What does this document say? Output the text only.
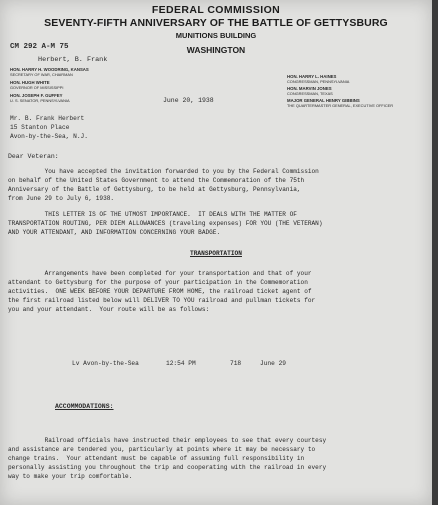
FEDERAL COMMISSION
SEVENTY-FIFTH ANNIVERSARY OF THE BATTLE OF GETTYSBURG
MUNITIONS BUILDING
WASHINGTON
CM 292 A-M 75
Herbert, B. Frank
HON. HARRY H. WOODRING, KANSAS
SECRETARY OF WAR, CHAIRMAN
HON. HUGH WHITE
GOVERNOR OF MISSISSIPPI
HON. JOSEPH F. GUFFEY
U. S. SENATOR, PENNSYLVANIA
HON. HARRY L. HAINES
CONGRESSMAN, PENNSYLVANIA
HON. MARVIN JONES
CONGRESSMAN, TEXAS
MAJOR GENERAL HENRY GIBBINS
THE QUARTERMASTER GENERAL, EXECUTIVE OFFICER
June 20, 1938
Mr. B. Frank Herbert
15 Stanton Place
Avon-by-the-Sea, N.J.
Dear Veteran:
You have accepted the invitation forwarded to you by the Federal Commission
on behalf of the United States Government to attend the Commemoration of the 75th
Anniversary of the Battle of Gettysburg, to be held at Gettysburg, Pennsylvania,
from June 29 to July 6, 1938.
THIS LETTER IS OF THE UTMOST IMPORTANCE.  IT DEALS WITH THE MATTER OF
TRANSPORTATION ROUTING, PER DIEM ALLOWANCES (traveling expenses) FOR YOU (THE VETERAN)
AND YOUR ATTENDANT, AND INFORMATION CONCERNING YOUR BADGE.
TRANSPORTATION
Arrangements have been completed for your transportation and that of your
attendant to Gettysburg for the purpose of your participation in the Commemoration
activities.  ONE WEEK BEFORE YOUR DEPARTURE FROM HOME, the railroad ticket agent of
the first railroad listed below will DELIVER TO YOU railroad and pullman tickets for
you and your attendant.  Your route will be as follows:
Lv Avon-by-the-Sea	12:54 PM	718	June 29
ACCOMMODATIONS:
Railroad officials have instructed their employees to see that every courtesy
and assistance are tendered you, particularly at points where it may be necessary to
change trains.  Your attendant must be capable of assuming full responsibility in
personally assisting you throughout the trip and cooperating with the railroad in every
way to make your trip comfortable.
